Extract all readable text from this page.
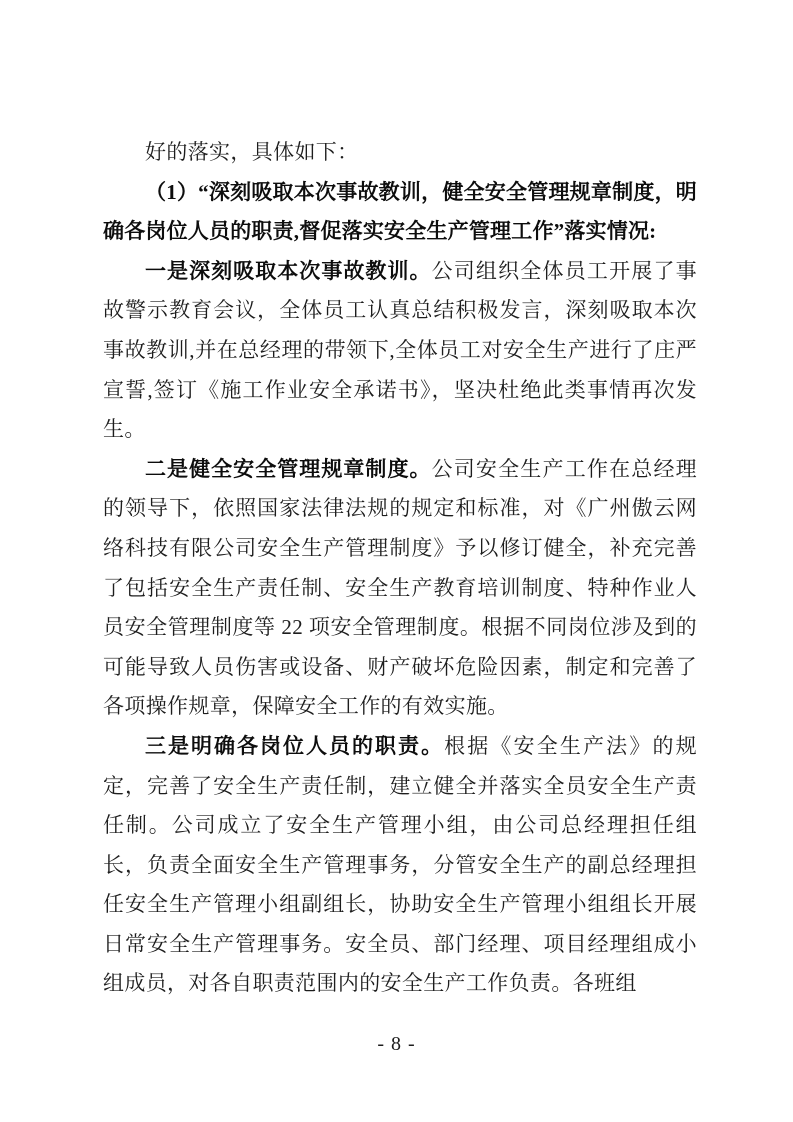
好的落实，具体如下：

（1）“深刻吸取本次事故教训，健全安全管理规章制度，明确各岗位人员的职责,督促落实安全生产管理工作”落实情况:

一是深刻吸取本次事故教训。公司组织全体员工开展了事故警示教育会议，全体员工认真总结积极发言，深刻吸取本次事故教训,并在总经理的带领下,全体员工对安全生产进行了庄严宣誓,签订《施工作业安全承诺书》，坚决杜绝此类事情再次发生。

二是健全安全管理规章制度。公司安全生产工作在总经理的领导下，依照国家法律法规的规定和标准，对《广州傲云网络科技有限公司安全生产管理制度》予以修订健全，补充完善了包括安全生产责任制、安全生产教育培训制度、特种作业人员安全管理制度等 22 项安全管理制度。根据不同岗位涉及到的可能导致人员伤害或设备、财产破坏危险因素，制定和完善了各项操作规章，保障安全工作的有效实施。

三是明确各岗位人员的职责。根据《安全生产法》的规定，完善了安全生产责任制，建立健全并落实全员安全生产责任制。公司成立了安全生产管理小组，由公司总经理担任组长，负责全面安全生产管理事务，分管安全生产的副总经理担任安全生产管理小组副组长，协助安全生产管理小组组长开展日常安全生产管理事务。安全员、部门经理、项目经理组成小组成员，对各自职责范围内的安全生产工作负责。各班组

- 8 -
